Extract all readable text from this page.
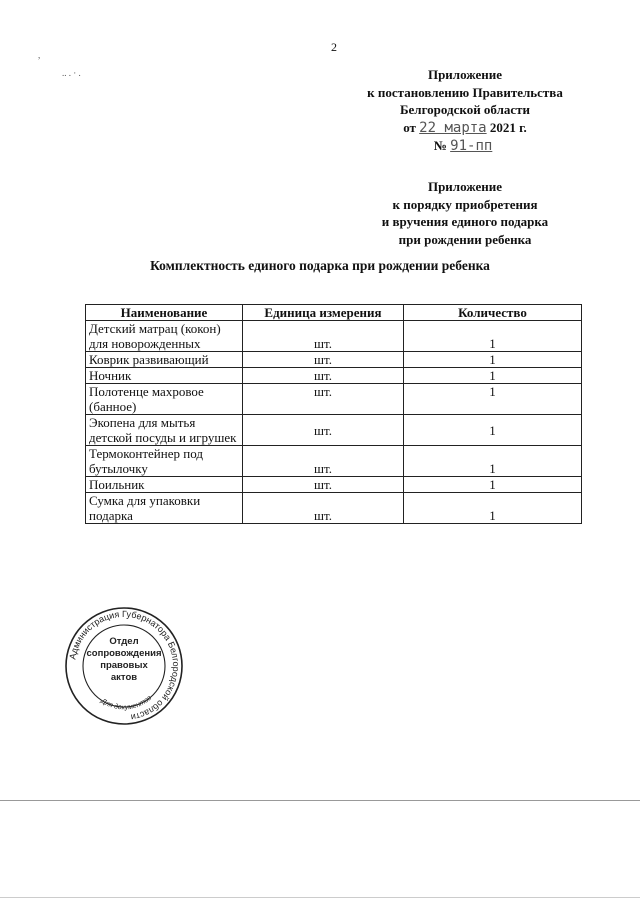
2
,
.. . · .	Приложение
к постановлению Правительства
Белгородской области
от 22 марта 2021 г.
№ 91-пп
Приложение
к порядку приобретения
и вручения единого подарка
при рождении ребенка
Комплектность единого подарка при рождении ребенка
Наименование	Единица измерения	Количество
Детский матрац (кокон) для новорожденных	шт.	1
Коврик развивающий	шт.	1
Ночник	шт.	1
Полотенце махровое (банное)	шт.	1
Экопена для мытья детской посуды и игрушек	шт.	1
Термоконтейнер под бутылочку	шт.	1
Поильник	шт.	1
Сумка для упаковки подарка	шт.	1
Администрация Губернатора Белгородской области
Для документов
Отдел
сопровождения
правовых
актов
